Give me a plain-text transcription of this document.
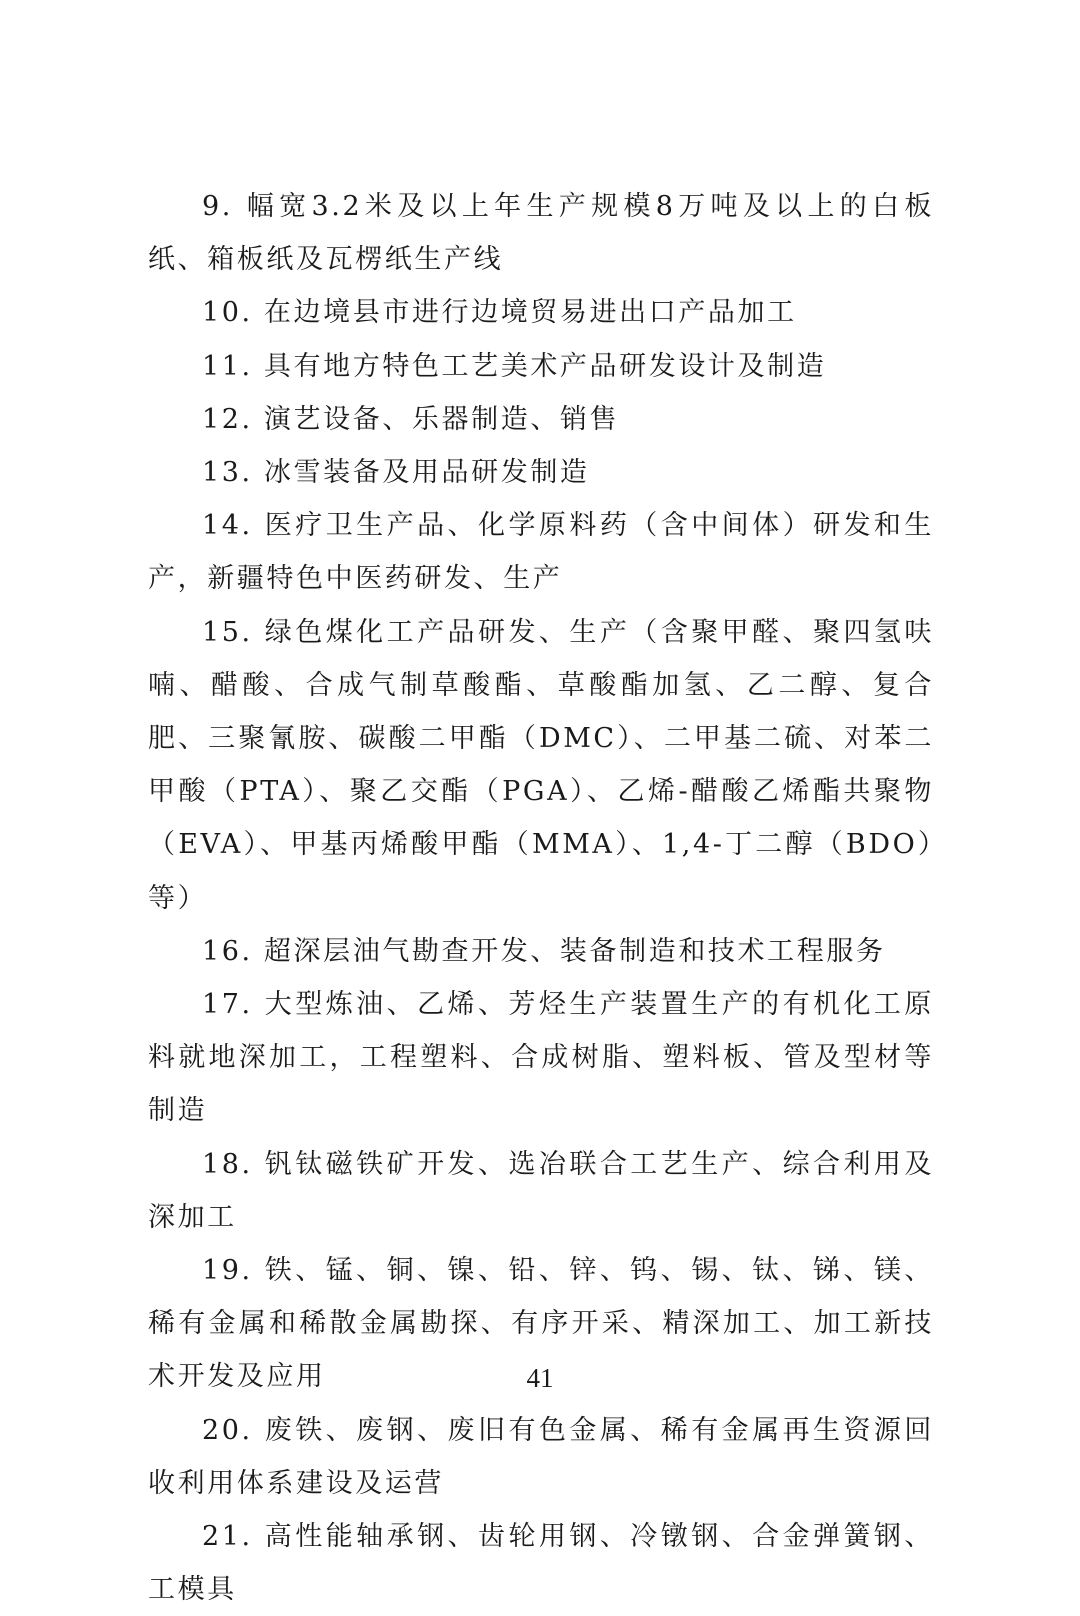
9. 幅宽3.2米及以上年生产规模8万吨及以上的白板纸、箱板纸及瓦楞纸生产线

10. 在边境县市进行边境贸易进出口产品加工

11. 具有地方特色工艺美术产品研发设计及制造

12. 演艺设备、乐器制造、销售

13. 冰雪装备及用品研发制造

14. 医疗卫生产品、化学原料药（含中间体）研发和生产，新疆特色中医药研发、生产

15. 绿色煤化工产品研发、生产（含聚甲醛、聚四氢呋喃、醋酸、合成气制草酸酯、草酸酯加氢、乙二醇、复合肥、三聚氰胺、碳酸二甲酯（DMC）、二甲基二硫、对苯二甲酸（PTA）、聚乙交酯（PGA）、乙烯-醋酸乙烯酯共聚物（EVA）、甲基丙烯酸甲酯（MMA）、1,4-丁二醇（BDO）等）

16. 超深层油气勘查开发、装备制造和技术工程服务

17. 大型炼油、乙烯、芳烃生产装置生产的有机化工原料就地深加工，工程塑料、合成树脂、塑料板、管及型材等制造

18. 钒钛磁铁矿开发、选冶联合工艺生产、综合利用及深加工

19. 铁、锰、铜、镍、铅、锌、钨、锡、钛、锑、镁、稀有金属和稀散金属勘探、有序开采、精深加工、加工新技术开发及应用

20. 废铁、废钢、废旧有色金属、稀有金属再生资源回收利用体系建设及运营

21. 高性能轴承钢、齿轮用钢、冷镦钢、合金弹簧钢、工模具

41
